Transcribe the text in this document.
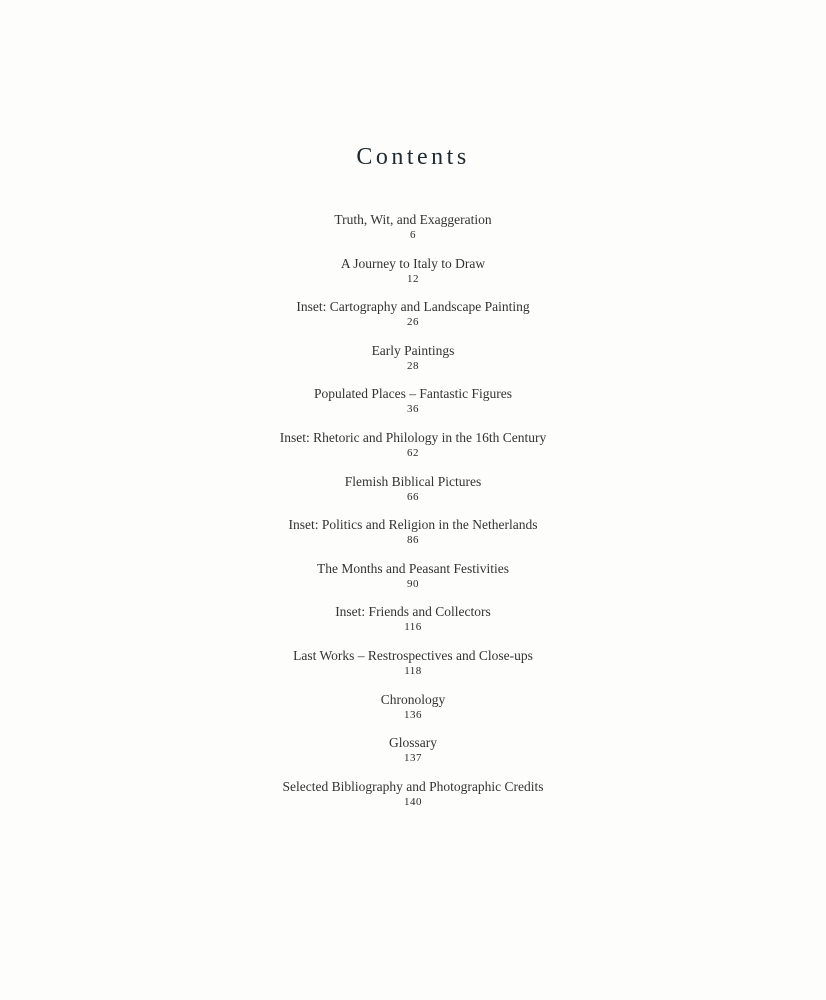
Contents
Truth, Wit, and Exaggeration
6
A Journey to Italy to Draw
12
Inset: Cartography and Landscape Painting
26
Early Paintings
28
Populated Places – Fantastic Figures
36
Inset: Rhetoric and Philology in the 16th Century
62
Flemish Biblical Pictures
66
Inset: Politics and Religion in the Netherlands
86
The Months and Peasant Festivities
90
Inset: Friends and Collectors
116
Last Works – Restrospectives and Close-ups
118
Chronology
136
Glossary
137
Selected Bibliography and Photographic Credits
140
